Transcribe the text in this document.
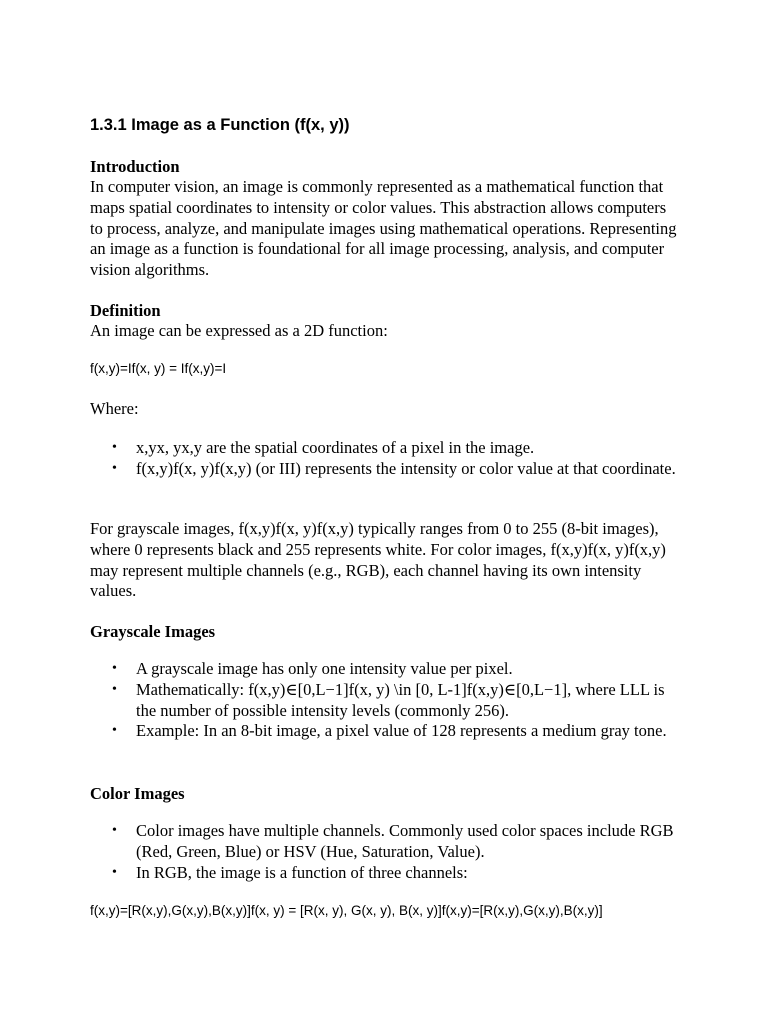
1.3.1 Image as a Function (f(x, y))
Introduction

In computer vision, an image is commonly represented as a mathematical function that maps spatial coordinates to intensity or color values. This abstraction allows computers to process, analyze, and manipulate images using mathematical operations. Representing an image as a function is foundational for all image processing, analysis, and computer vision algorithms.

Definition

An image can be expressed as a 2D function:

f(x,y)=If(x, y) = If(x,y)=I

Where:

• x,yx, yx,y are the spatial coordinates of a pixel in the image.
• f(x,y)f(x, y)f(x,y) (or III) represents the intensity or color value at that coordinate.

For grayscale images, f(x,y)f(x, y)f(x,y) typically ranges from 0 to 255 (8-bit images), where 0 represents black and 255 represents white. For color images, f(x,y)f(x, y)f(x,y) may represent multiple channels (e.g., RGB), each channel having its own intensity values.

Grayscale Images
• A grayscale image has only one intensity value per pixel.
• Mathematically: f(x,y)∈[0,L−1]f(x, y) \in [0, L-1]f(x,y)∈[0,L−1], where LLL is the number of possible intensity levels (commonly 256).
• Example: In an 8-bit image, a pixel value of 128 represents a medium gray tone.
Color Images
• Color images have multiple channels. Commonly used color spaces include RGB (Red, Green, Blue) or HSV (Hue, Saturation, Value).
• In RGB, the image is a function of three channels:
f(x,y)=[R(x,y),G(x,y),B(x,y)]f(x, y) = [R(x, y), G(x, y), B(x, y)]f(x,y)=[R(x,y),G(x,y),B(x,y)]
